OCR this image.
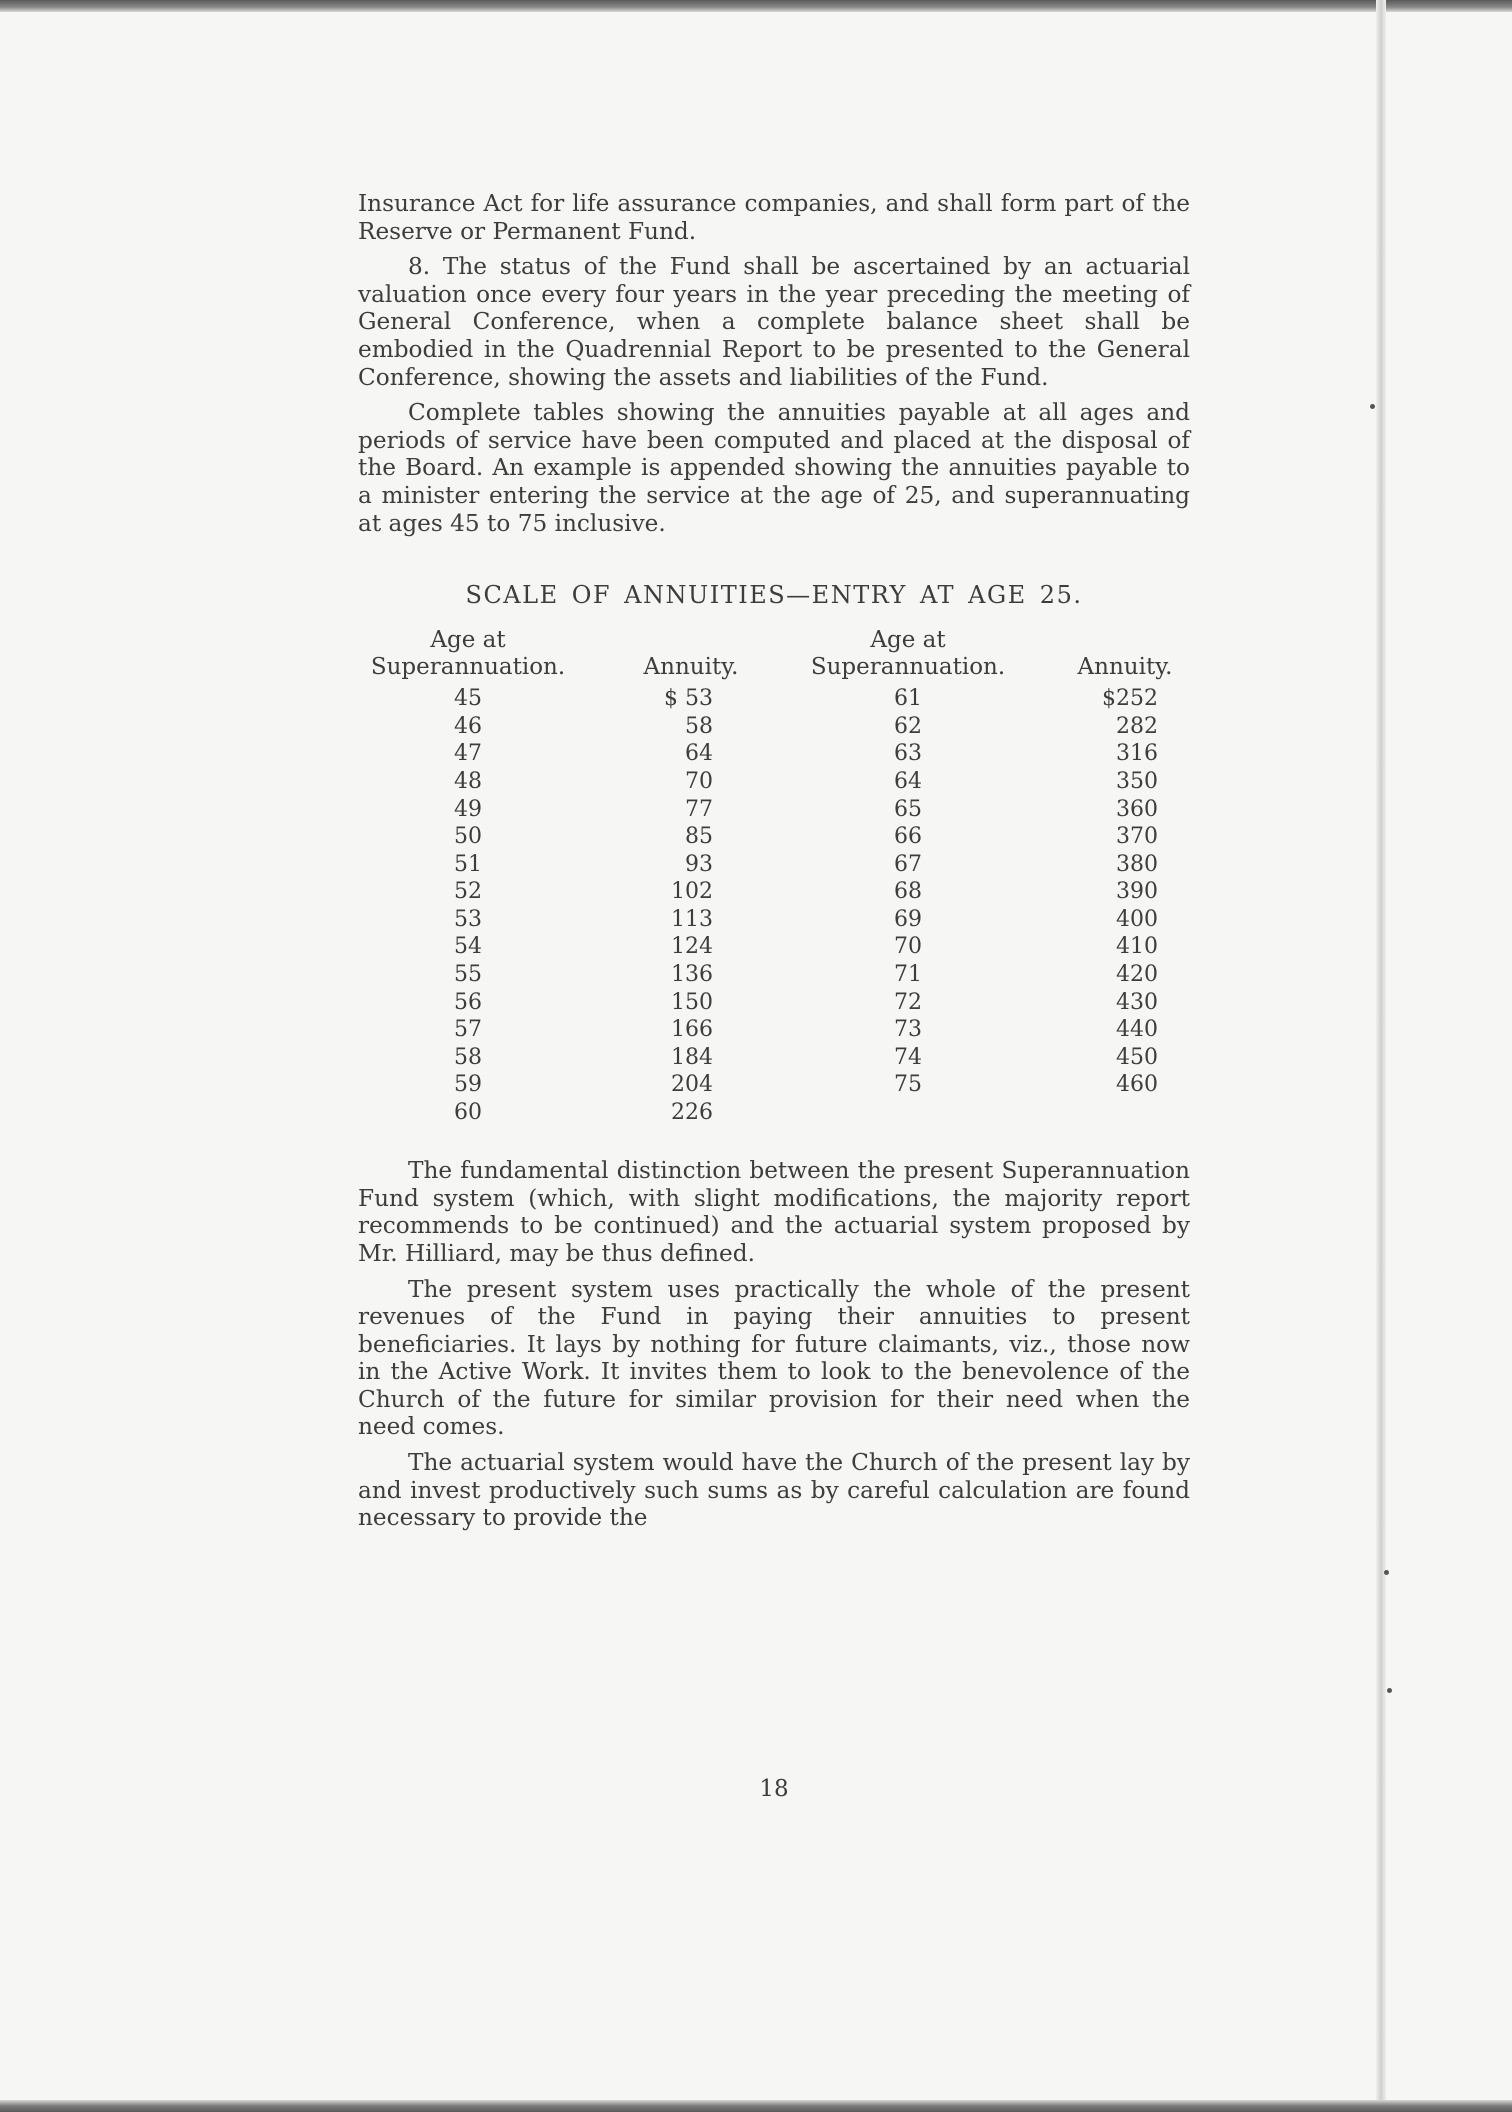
Insurance Act for life assurance companies, and shall form part of the Reserve or Permanent Fund.

8. The status of the Fund shall be ascertained by an actuarial valuation once every four years in the year preceding the meeting of General Conference, when a complete balance sheet shall be embodied in the Quadrennial Report to be presented to the General Conference, showing the assets and liabilities of the Fund.

Complete tables showing the annuities payable at all ages and periods of service have been computed and placed at the disposal of the Board. An example is appended showing the annuities payable to a minister entering the service at the age of 25, and superannuating at ages 45 to 75 inclusive.

SCALE OF ANNUITIES—ENTRY AT AGE 25.
Age at
Superannuation.	Annuity.
Age at
Superannuation.	Annuity.
45
46
47
48
49
50
51
52
53
54
55
56
57
58
59
60
$ 53
58
64
70
77
85
93
102
113
124
136
150
166
184
204
226
61
62
63
64
65
66
67
68
69
70
71
72
73
74
75
$252
282
316
350
360
370
380
390
400
410
420
430
440
450
460

The fundamental distinction between the present Superannuation Fund system (which, with slight modifications, the majority report recommends to be continued) and the actuarial system proposed by Mr. Hilliard, may be thus defined.

The present system uses practically the whole of the present revenues of the Fund in paying their annuities to present beneficiaries. It lays by nothing for future claimants, viz., those now in the Active Work. It invites them to look to the benevolence of the Church of the future for similar provision for their need when the need comes.

The actuarial system would have the Church of the present lay by and invest productively such sums as by careful calculation are found necessary to provide the

18
